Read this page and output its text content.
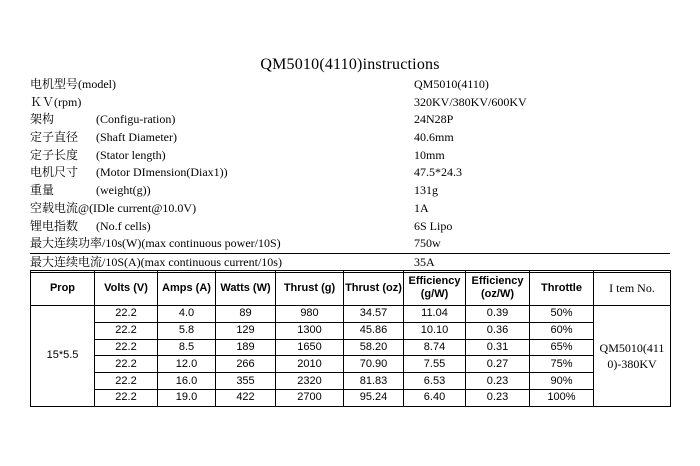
QM5010(4110)instructions
电机型号(model)	QM5010(4110)
ＫＶ(rpm)	320KV/380KV/600KV
架构	(Configu-ration)	24N28P
定子直径 (Shaft Diameter)	40.6mm
定子长度 (Stator length)	10mm
电机尺寸 (Motor DImension(Diax1))	47.5*24.3
重量	(weight(g))	131g
空载电流@(IDle current@10.0V)	1A
锂电指数 (No.f cells)	6S Lipo
最大连续功率/10s(W)(max continuous power/10S)	750w
最大连续电流/10S(A)(max continuous current/10s)	35A
Prop	Volts (V)	Amps (A)	Watts (W)	Thrust (g)	Thrust (oz)	Efficiency (g/W)	Efficiency (oz/W)	Throttle	I tem No.
15*5.5	22.2	4.0	89	980	34.57	11.04	0.39	50%	QM5010(4110)-380KV
	22.2	5.8	129	1300	45.86	10.10	0.36	60%	
	22.2	8.5	189	1650	58.20	8.74	0.31	65%	
	22.2	12.0	266	2010	70.90	7.55	0.27	75%	
	22.2	16.0	355	2320	81.83	6.53	0.23	90%	
	22.2	19.0	422	2700	95.24	6.40	0.23	100%	
